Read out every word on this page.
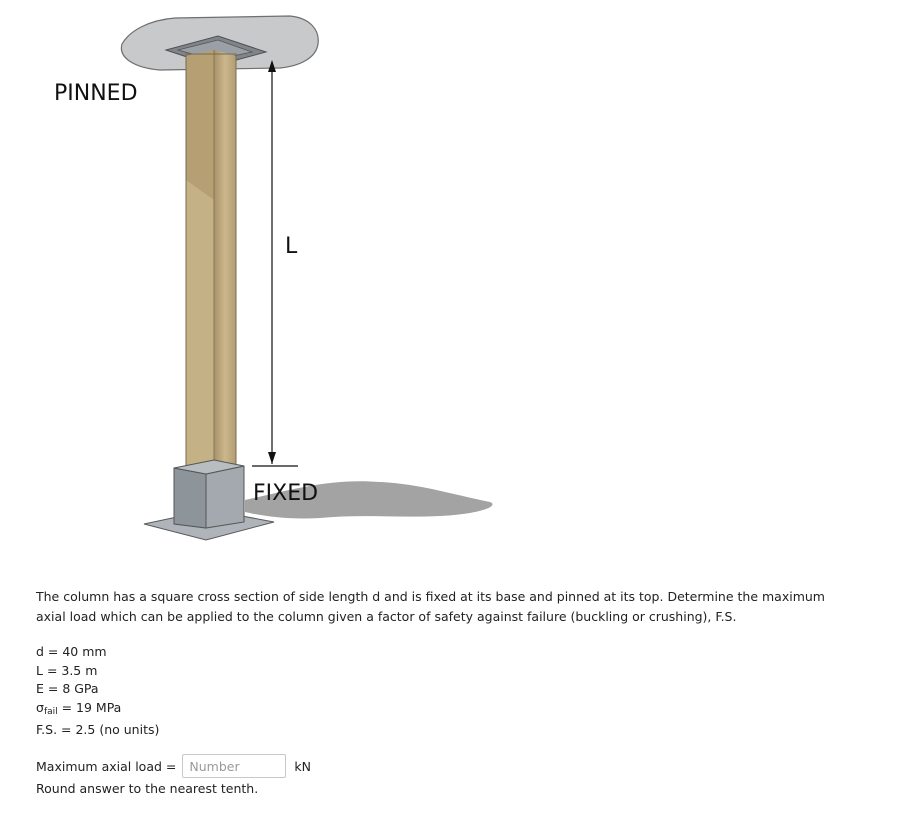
PINNED
L
FIXED
The column has a square cross section of side length d and is fixed at its base and pinned at its top. Determine the maximum axial load which can be applied to the column given a factor of safety against failure (buckling or crushing), F.S.
d = 40 mm
L = 3.5 m
E = 8 GPa
$\sigma_{fail} = 19$ MPa
F.S. = 2.5 (no units)
Maximum axial load =
Number	kN
Round answer to the nearest tenth.
